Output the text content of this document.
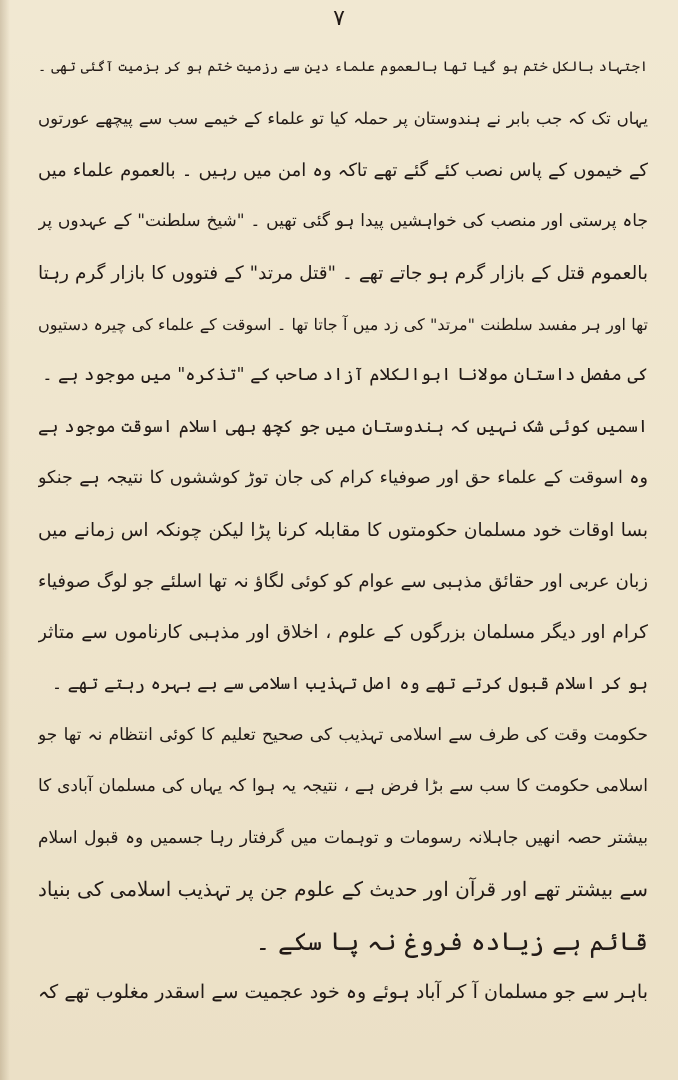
۷
اجتہاد بالکل ختم ہو گیا تھا بالعموم علماء دین سے رزمیت ختم ہو کر بزمیت آگئی تھی ۔
یہاں تک کہ جب بابر نے ہندوستان پر حملہ کیا تو علماء کے خیمے سب سے پیچھے عورتوں
کے خیموں کے پاس نصب کئے گئے تھے تاکہ وہ امن میں رہیں ۔ بالعموم علماء میں
جاہ پرستی اور منصب کی خواہشیں پیدا ہو گئی تھیں ۔ "شیخ سلطنت" کے عہدوں پر
بالعموم قتل کے بازار گرم ہو جاتے تھے ۔ "قتل مرتد" کے فتووں کا بازار گرم رہتا
تھا اور ہر مفسد سلطنت "مرتد" کی زد میں آ جاتا تھا ۔ اسوقت کے علماء کی چیرہ دستیوں
کی مفصل داستان مولانا ابوالکلام آزاد صاحب کے "تذکرہ" میں موجود ہے ۔
اسمیں کوئی شک نہیں کہ ہندوستان میں جو کچھ بھی اسلام اسوقت موجود ہے
وہ اسوقت کے علماء حق اور صوفیاء کرام کی جان توڑ کوششوں کا نتیجہ ہے جنکو
بسا اوقات خود مسلمان حکومتوں کا مقابلہ کرنا پڑا لیکن چونکہ اس زمانے میں
زبان عربی اور حقائق مذہبی سے عوام کو کوئی لگاؤ نہ تھا اسلئے جو لوگ صوفیاء
کرام اور دیگر مسلمان بزرگوں کے علوم ، اخلاق اور مذہبی کارناموں سے متاثر
ہو کر اسلام قبول کرتے تھے وہ اصل تہذیب اسلامی سے بے بہرہ رہتے تھے ۔
حکومت وقت کی طرف سے اسلامی تہذیب کی صحیح تعلیم کا کوئی انتظام نہ تھا جو
اسلامی حکومت کا سب سے بڑا فرض ہے ، نتیجہ یہ ہوا کہ یہاں کی مسلمان آبادی کا
بیشتر حصہ انھیں جاہلانہ رسومات و توہمات میں گرفتار رہا جسمیں وہ قبول اسلام
سے بیشتر تھے اور قرآن اور حدیث کے علوم جن پر تہذیب اسلامی کی بنیاد
قائم ہے زیادہ فروغ نہ پا سکے ۔
باہر سے جو مسلمان آ کر آباد ہوئے وہ خود عجمیت سے اسقدر مغلوب تھے کہ
